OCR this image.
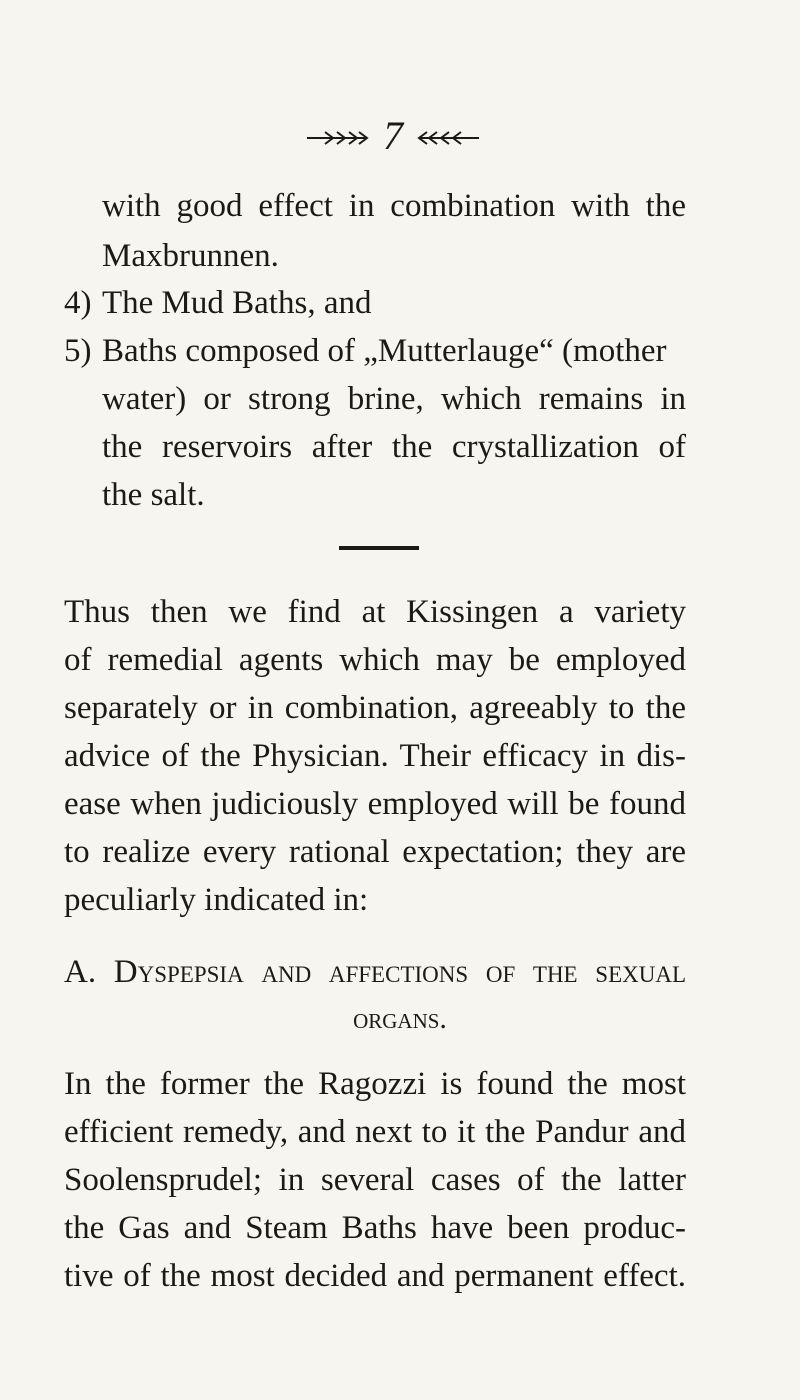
7
with good effect in combination with the
Maxbrunnen.
4) The Mud Baths, and
5) Baths composed of „Mutterlauge“ (mother
water) or strong brine, which remains in
the reservoirs after the crystallization of
the salt.
Thus then we find at Kissingen a variety
of remedial agents which may be employed
separately or in combination, agreeably to the
advice of the Physician. Their efficacy in dis-
ease when judiciously employed will be found
to realize every rational expectation; they are
peculiarly indicated in:
A. Dyspepsia and affections of the sexual
organs.
In the former the Ragozzi is found the most
efficient remedy, and next to it the Pandur and
Soolensprudel; in several cases of the latter
the Gas and Steam Baths have been produc-
tive of the most decided and permanent effect.
